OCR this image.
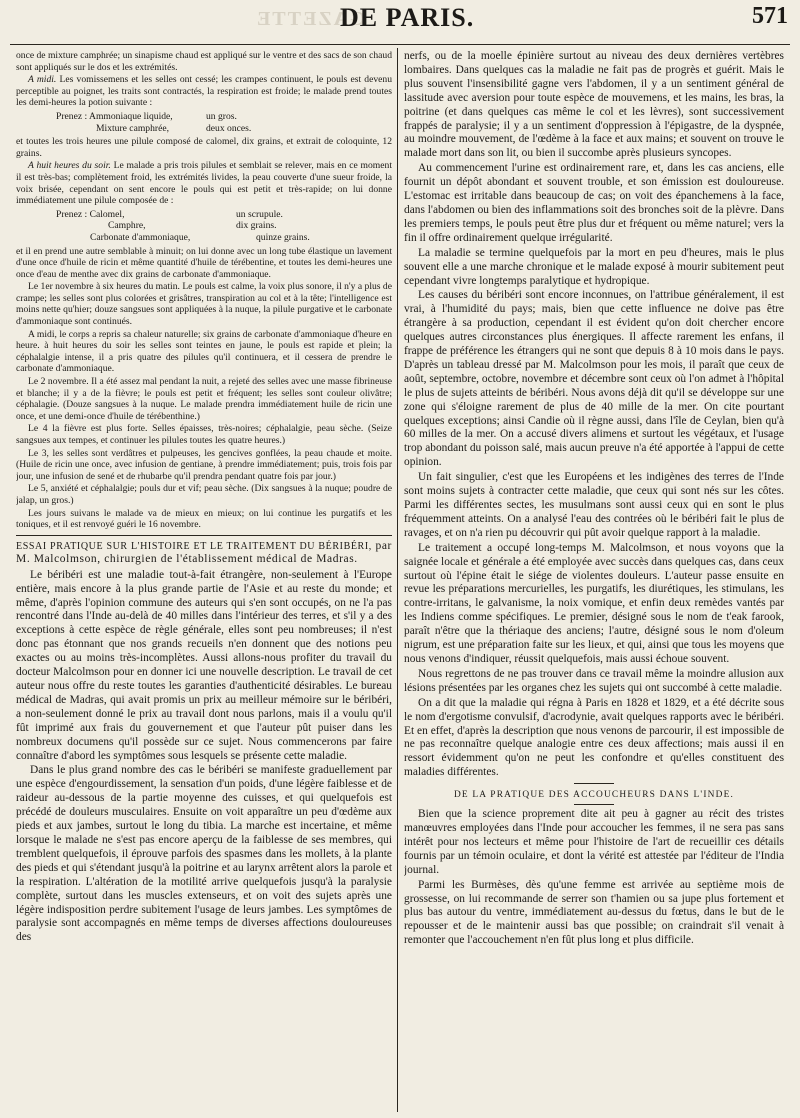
GAZETTE
DE PARIS.	571

once de mixture camphrée; un sinapisme chaud est appliqué sur le ventre et des sacs de son chaud sont appliqués sur le dos et les extrémités.

A midi. Les vomissemens et les selles ont cessé; les crampes continuent, le pouls est devenu perceptible au poignet, les traits sont contractés, la respiration est froide; le malade prend toutes les demi-heures la potion suivante :

Prenez : Ammoniaque liquide,	un gros.
Mixture camphrée,	deux onces.

et toutes les trois heures une pilule composé de calomel, dix grains, et extrait de coloquinte, 12 grains.

A huit heures du soir. Le malade a pris trois pilules et semblait se relever, mais en ce moment il est très-bas; complètement froid, les extrémités livides, la peau couverte d'une sueur froide, la voix brisée, cependant on sent encore le pouls qui est petit et très-rapide; on lui donne immédiatement une pilule composée de :

Prenez : Calomel,	un scrupule.
Camphre,	dix grains.
Carbonate d'ammoniaque,	quinze grains.

et il en prend une autre semblable à minuit; on lui donne avec un long tube élastique un lavement d'une once d'huile de ricin et même quantité d'huile de térébentine, et toutes les demi-heures une once d'eau de menthe avec dix grains de carbonate d'ammoniaque.

Le 1er novembre à six heures du matin. Le pouls est calme, la voix plus sonore, il n'y a plus de crampe; les selles sont plus colorées et grisâtres, transpiration au col et à la tête; l'intelligence est moins nette qu'hier; douze sangsues sont appliquées à la nuque, la pilule purgative et le carbonate d'ammoniaque sont continués.

A midi, le corps a repris sa chaleur naturelle; six grains de carbonate d'ammoniaque d'heure en heure. à huit heures du soir les selles sont teintes en jaune, le pouls est rapide et plein; la céphalalgie intense, il a pris quatre des pilules qu'il continuera, et il cessera de prendre le carbonate d'ammoniaque.

Le 2 novembre. Il a été assez mal pendant la nuit, a rejeté des selles avec une masse fibrineuse et blanche; il y a de la fièvre; le pouls est petit et fréquent; les selles sont couleur olivâtre; céphalagie. (Douze sangsues à la nuque. Le malade prendra immédiatement huile de ricin une once, et une demi-once d'huile de térébenthine.)

Le 4 la fièvre est plus forte. Selles épaisses, très-noires; céphalalgie, peau sèche. (Seize sangsues aux tempes, et continuer les pilules toutes les quatre heures.)

Le 3, les selles sont verdâtres et pulpeuses, les gencives gonflées, la peau chaude et moite. (Huile de ricin une once, avec infusion de gentiane, à prendre immédiatement; puis, trois fois par jour, une infusion de sené et de rhubarbe qu'il prendra pendant quatre fois par jour.)

Le 5, anxiété et céphalalgie; pouls dur et vif; peau sèche. (Dix sangsues à la nuque; poudre de jalap, un gros.)

Les jours suivans le malade va de mieux en mieux; on lui continue les purgatifs et les toniques, et il est renvoyé guéri le 16 novembre.

ESSAI PRATIQUE SUR L'HISTOIRE ET LE TRAITEMENT DU BÉRIBÉRI, par M. Malcolmson, chirurgien de l'établissement médical de Madras.

Le béribéri est une maladie tout-à-fait étrangère, non-seulement à l'Europe entière, mais encore à la plus grande partie de l'Asie et au reste du monde; et même, d'après l'opinion commune des auteurs qui s'en sont occupés, on ne l'a pas rencontré dans l'Inde au-delà de 40 milles dans l'intérieur des terres, et s'il y a des exceptions à cette espèce de règle générale, elles sont peu nombreuses; il n'est donc pas étonnant que nos grands recueils n'en donnent que des notions peu exactes ou au moins très-incomplètes. Aussi allons-nous profiter du travail du docteur Malcolmson pour en donner ici une nouvelle description. Le travail de cet auteur nous offre du reste toutes les garanties d'authenticité désirables. Le bureau médical de Madras, qui avait promis un prix au meilleur mémoire sur le béribéri, a non-seulement donné le prix au travail dont nous parlons, mais il a voulu qu'il fût imprimé aux frais du gouvernement et que l'auteur pût puiser dans les nombreux documens qu'il possède sur ce sujet. Nous commencerons par faire connaître d'abord les symptômes sous lesquels se présente cette maladie.

Dans le plus grand nombre des cas le béribéri se manifeste graduellement par une espèce d'engourdissement, la sensation d'un poids, d'une légère faiblesse et de raideur au-dessous de la partie moyenne des cuisses, et qui quelquefois est précédé de douleurs musculaires. Ensuite on voit apparaître un peu d'œdème aux pieds et aux jambes, surtout le long du tibia. La marche est incertaine, et même lorsque le malade ne s'est pas encore aperçu de la faiblesse de ses membres, qui tremblent quelquefois, il éprouve parfois des spasmes dans les mollets, à la plante des pieds et qui s'étendant jusqu'à la poitrine et au larynx arrêtent alors la parole et la respiration. L'altération de la motilité arrive quelquefois jusqu'à la paralysie complète, surtout dans les muscles extenseurs, et on voit des sujets après une légère indisposition perdre subitement l'usage de leurs jambes. Les symptômes de paralysie sont accompagnés en même temps de diverses affections douloureuses des

nerfs, ou de la moelle épinière surtout au niveau des deux dernières vertèbres lombaires. Dans quelques cas la maladie ne fait pas de progrès et guérit. Mais le plus souvent l'insensibilité gagne vers l'abdomen, il y a un sentiment général de lassitude avec aversion pour toute espèce de mouvemens, et les mains, les bras, la poitrine (et dans quelques cas même le col et les lèvres), sont successivement frappés de paralysie; il y a un sentiment d'oppression à l'épigastre, de la dyspnée, au moindre mouvement, de l'œdème à la face et aux mains; et souvent on trouve le malade mort dans son lit, ou bien il succombe après plusieurs syncopes.

Au commencement l'urine est ordinairement rare, et, dans les cas anciens, elle fournit un dépôt abondant et souvent trouble, et son émission est douloureuse. L'estomac est irritable dans beaucoup de cas; on voit des épanchemens à la face, dans l'abdomen ou bien des inflammations soit des bronches soit de la plèvre. Dans les premiers temps, le pouls peut être plus dur et fréquent ou même naturel; vers la fin il offre ordinairement quelque irrégularité.

La maladie se termine quelquefois par la mort en peu d'heures, mais le plus souvent elle a une marche chronique et le malade exposé à mourir subitement peut cependant vivre longtemps paralytique et hydropique.

Les causes du béribéri sont encore inconnues, on l'attribue généralement, il est vrai, à l'humidité du pays; mais, bien que cette influence ne doive pas être étrangère à sa production, cependant il est évident qu'on doit chercher encore quelques autres circonstances plus énergiques. Il affecte rarement les enfans, il frappe de préférence les étrangers qui ne sont que depuis 8 à 10 mois dans le pays. D'après un tableau dressé par M. Malcolmson pour les mois, il paraît que ceux de août, septembre, octobre, novembre et décembre sont ceux où l'on admet à l'hôpital le plus de sujets atteints de béribéri. Nous avons déjà dit qu'il se développe sur une zone qui s'éloigne rarement de plus de 40 mille de la mer. On cite pourtant quelques exceptions; ainsi Candie où il règne aussi, dans l'île de Ceylan, bien qu'à 60 milles de la mer. On a accusé divers alimens et surtout les végétaux, et l'usage trop abondant du poisson salé, mais aucun preuve n'a été apportée à l'appui de cette opinion.

Un fait singulier, c'est que les Européens et les indigènes des terres de l'Inde sont moins sujets à contracter cette maladie, que ceux qui sont nés sur les côtes. Parmi les différentes sectes, les musulmans sont aussi ceux qui en sont le plus fréquemment atteints. On a analysé l'eau des contrées où le béribéri fait le plus de ravages, et on n'a rien pu découvrir qui pût avoir quelque rapport à la maladie.

Le traitement a occupé long-temps M. Malcolmson, et nous voyons que la saignée locale et générale a été employée avec succès dans quelques cas, dans ceux surtout où l'épine était le siége de violentes douleurs. L'auteur passe ensuite en revue les préparations mercurielles, les purgatifs, les diurétiques, les stimulans, les contre-irritans, le galvanisme, la noix vomique, et enfin deux remèdes vantés par les Indiens comme spécifiques. Le premier, désigné sous le nom de t'eak farook, paraît n'être que la thériaque des anciens; l'autre, désigné sous le nom d'oleum nigrum, est une préparation faite sur les lieux, et qui, ainsi que tous les moyens que nous venons d'indiquer, réussit quelquefois, mais aussi échoue souvent.

Nous regrettons de ne pas trouver dans ce travail même la moindre allusion aux lésions présentées par les organes chez les sujets qui ont succombé à cette maladie.

On a dit que la maladie qui régna à Paris en 1828 et 1829, et a été décrite sous le nom d'ergotisme convulsif, d'acrodynie, avait quelques rapports avec le béribéri. Et en effet, d'après la description que nous venons de parcourir, il est impossible de ne pas reconnaître quelque analogie entre ces deux affections; mais aussi il en ressort évidemment qu'on ne peut les confondre et qu'elles constituent des maladies différentes.

DE LA PRATIQUE DES ACCOUCHEURS DANS L'INDE.

Bien que la science proprement dite ait peu à gagner au récit des tristes manœuvres employées dans l'Inde pour accoucher les femmes, il ne sera pas sans intérêt pour nos lecteurs et même pour l'histoire de l'art de recueillir ces détails fournis par un témoin oculaire, et dont la vérité est attestée par l'éditeur de l'India journal.

Parmi les Burmèses, dès qu'une femme est arrivée au septième mois de grossesse, on lui recommande de serrer son t'hamien ou sa jupe plus fortement et plus bas autour du ventre, immédiatement au-dessus du fœtus, dans le but de le repousser et de le maintenir aussi bas que possible; on craindrait s'il venait à remonter que l'accouchement n'en fût plus long et plus difficile.
